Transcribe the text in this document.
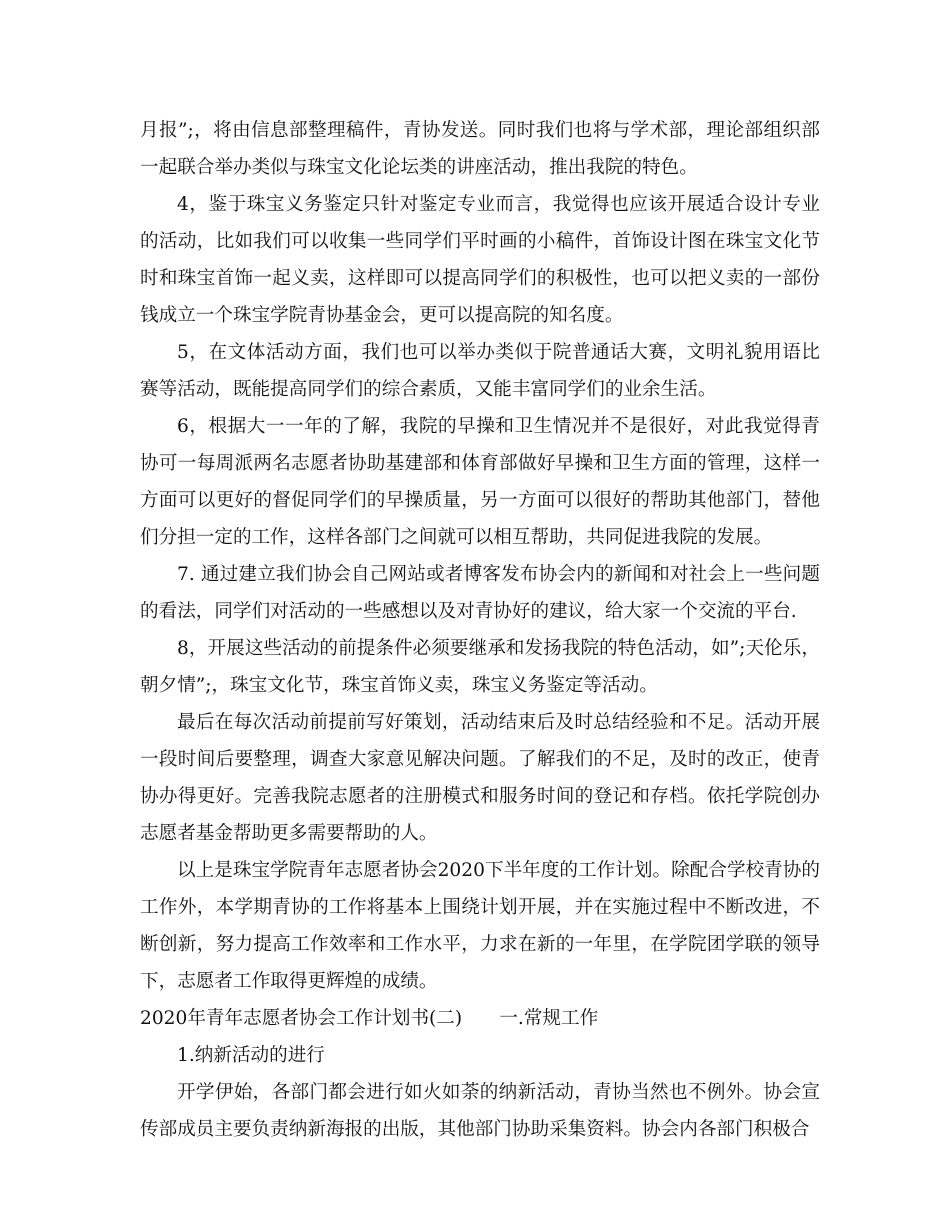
月报”;，将由信息部整理稿件，青协发送。同时我们也将与学术部，理论部组织部一起联合举办类似与珠宝文化论坛类的讲座活动，推出我院的特色。

4，鉴于珠宝义务鉴定只针对鉴定专业而言，我觉得也应该开展适合设计专业的活动，比如我们可以收集一些同学们平时画的小稿件，首饰设计图在珠宝文化节时和珠宝首饰一起义卖，这样即可以提高同学们的积极性，也可以把义卖的一部份钱成立一个珠宝学院青协基金会，更可以提高院的知名度。

5，在文体活动方面，我们也可以举办类似于院普通话大赛，文明礼貌用语比赛等活动，既能提高同学们的综合素质，又能丰富同学们的业余生活。

6，根据大一一年的了解，我院的早操和卫生情况并不是很好，对此我觉得青协可一每周派两名志愿者协助基建部和体育部做好早操和卫生方面的管理，这样一方面可以更好的督促同学们的早操质量，另一方面可以很好的帮助其他部门，替他们分担一定的工作，这样各部门之间就可以相互帮助，共同促进我院的发展。

7. 通过建立我们协会自己网站或者博客发布协会内的新闻和对社会上一些问题的看法，同学们对活动的一些感想以及对青协好的建议，给大家一个交流的平台.

8，开展这些活动的前提条件必须要继承和发扬我院的特色活动，如”;天伦乐，朝夕情”;，珠宝文化节，珠宝首饰义卖，珠宝义务鉴定等活动。

最后在每次活动前提前写好策划，活动结束后及时总结经验和不足。活动开展一段时间后要整理，调查大家意见解决问题。了解我们的不足，及时的改正，使青协办得更好。完善我院志愿者的注册模式和服务时间的登记和存档。依托学院创办志愿者基金帮助更多需要帮助的人。

以上是珠宝学院青年志愿者协会2020下半年度的工作计划。除配合学校青协的工作外，本学期青协的工作将基本上围绕计划开展，并在实施过程中不断改进，不断创新，努力提高工作效率和工作水平，力求在新的一年里，在学院团学联的领导下，志愿者工作取得更辉煌的成绩。

2020年青年志愿者协会工作计划书(二)　　一.常规工作

1.纳新活动的进行

开学伊始，各部门都会进行如火如荼的纳新活动，青协当然也不例外。协会宣传部成员主要负责纳新海报的出版，其他部门协助采集资料。协会内各部门积极合
